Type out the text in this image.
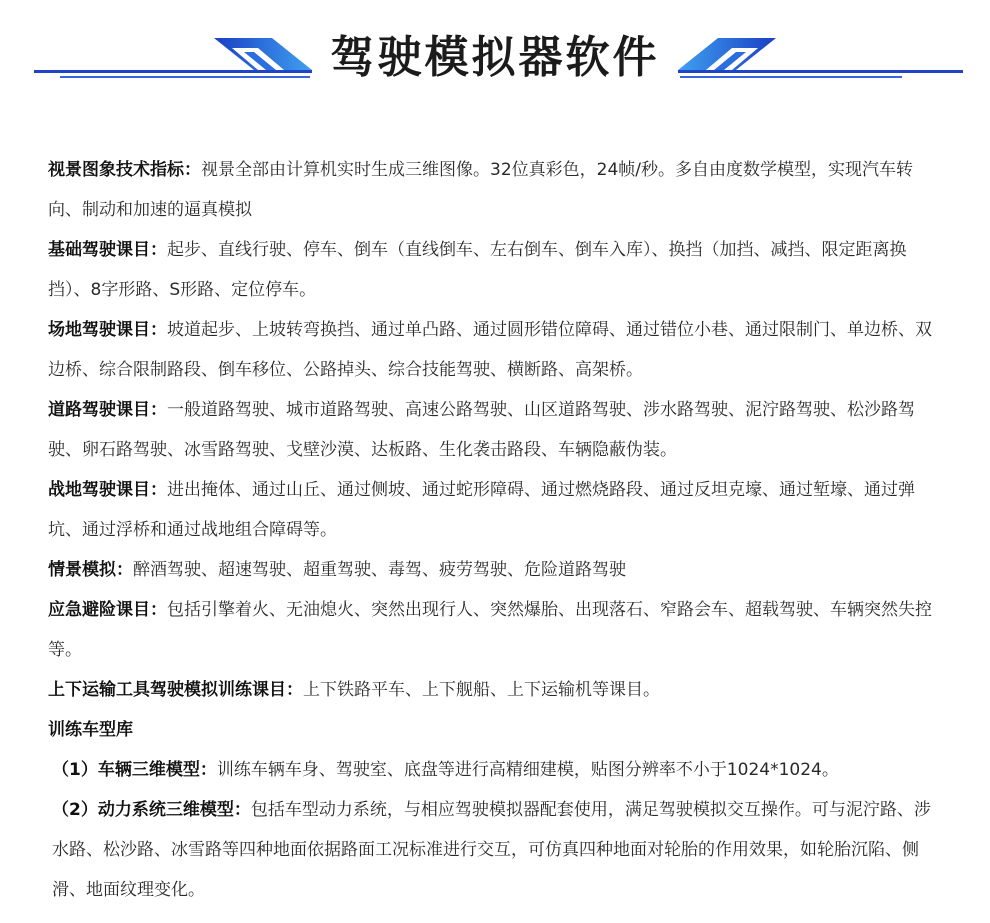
驾驶模拟器软件

视景图象技术指标：视景全部由计算机实时生成三维图像。32位真彩色，24帧/秒。多自由度数学模型，实现汽车转向、制动和加速的逼真模拟

基础驾驶课目：起步、直线行驶、停车、倒车（直线倒车、左右倒车、倒车入库）、换挡（加挡、减挡、限定距离换挡）、8字形路、S形路、定位停车。

场地驾驶课目：坡道起步、上坡转弯换挡、通过单凸路、通过圆形错位障碍、通过错位小巷、通过限制门、单边桥、双边桥、综合限制路段、倒车移位、公路掉头、综合技能驾驶、横断路、高架桥。

道路驾驶课目：一般道路驾驶、城市道路驾驶、高速公路驾驶、山区道路驾驶、涉水路驾驶、泥泞路驾驶、松沙路驾驶、卵石路驾驶、冰雪路驾驶、戈壁沙漠、达板路、生化袭击路段、车辆隐蔽伪装。

战地驾驶课目：进出掩体、通过山丘、通过侧坡、通过蛇形障碍、通过燃烧路段、通过反坦克壕、通过堑壕、通过弹坑、通过浮桥和通过战地组合障碍等。

情景模拟：醉酒驾驶、超速驾驶、超重驾驶、毒驾、疲劳驾驶、危险道路驾驶

应急避险课目：包括引擎着火、无油熄火、突然出现行人、突然爆胎、出现落石、窄路会车、超载驾驶、车辆突然失控等。

上下运输工具驾驶模拟训练课目：上下铁路平车、上下舰船、上下运输机等课目。

训练车型库

（1）车辆三维模型：训练车辆车身、驾驶室、底盘等进行高精细建模，贴图分辨率不小于1024*1024。

（2）动力系统三维模型：包括车型动力系统，与相应驾驶模拟器配套使用，满足驾驶模拟交互操作。可与泥泞路、涉水路、松沙路、冰雪路等四种地面依据路面工况标准进行交互，可仿真四种地面对轮胎的作用效果，如轮胎沉陷、侧滑、地面纹理变化。
